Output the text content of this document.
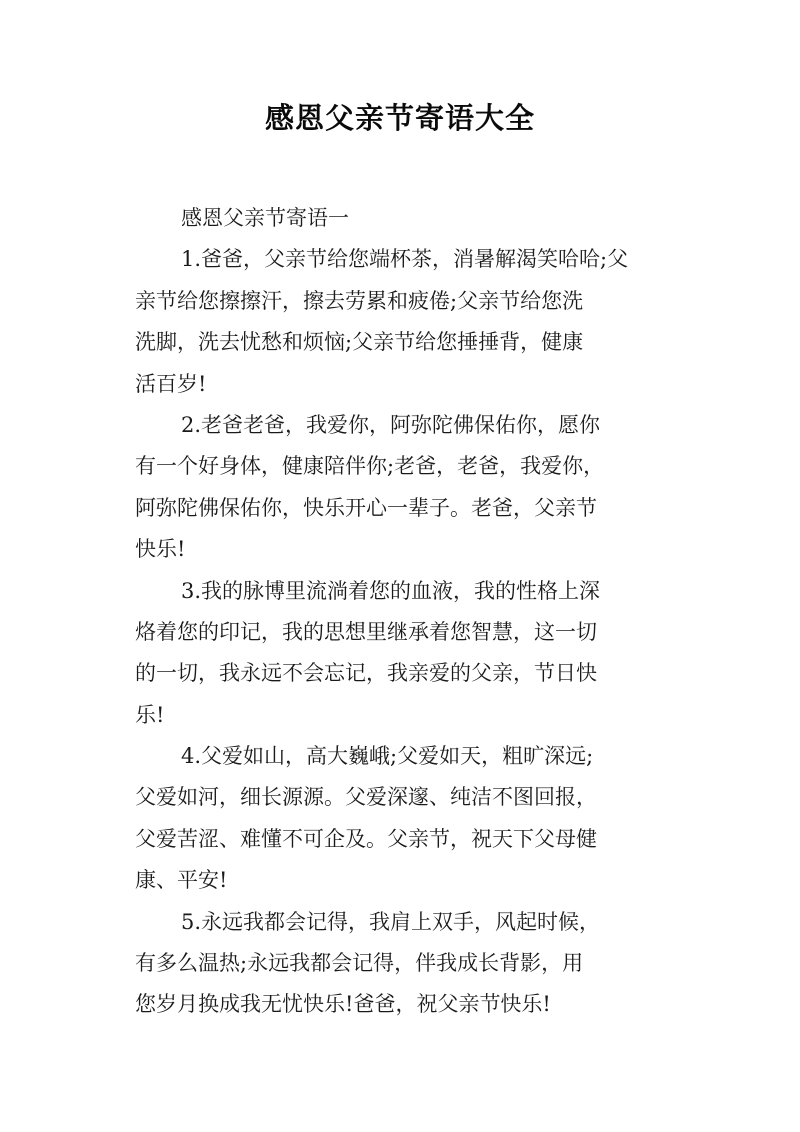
感恩父亲节寄语大全
感恩父亲节寄语一
1.爸爸，父亲节给您端杯茶，消暑解渴笑哈哈;父
亲节给您擦擦汗，擦去劳累和疲倦;父亲节给您洗
洗脚，洗去忧愁和烦恼;父亲节给您捶捶背，健康
活百岁!
2.老爸老爸，我爱你，阿弥陀佛保佑你，愿你
有一个好身体，健康陪伴你;老爸，老爸，我爱你，
阿弥陀佛保佑你，快乐开心一辈子。老爸，父亲节
快乐!
3.我的脉博里流淌着您的血液，我的性格上深
烙着您的印记，我的思想里继承着您智慧，这一切
的一切，我永远不会忘记，我亲爱的父亲，节日快
乐!
4.父爱如山，高大巍峨;父爱如天，粗旷深远;
父爱如河，细长源源。父爱深邃、纯洁不图回报，
父爱苦涩、难懂不可企及。父亲节，祝天下父母健
康、平安!
5.永远我都会记得，我肩上双手，风起时候，
有多么温热;永远我都会记得，伴我成长背影，用
您岁月换成我无忧快乐!爸爸，祝父亲节快乐!
